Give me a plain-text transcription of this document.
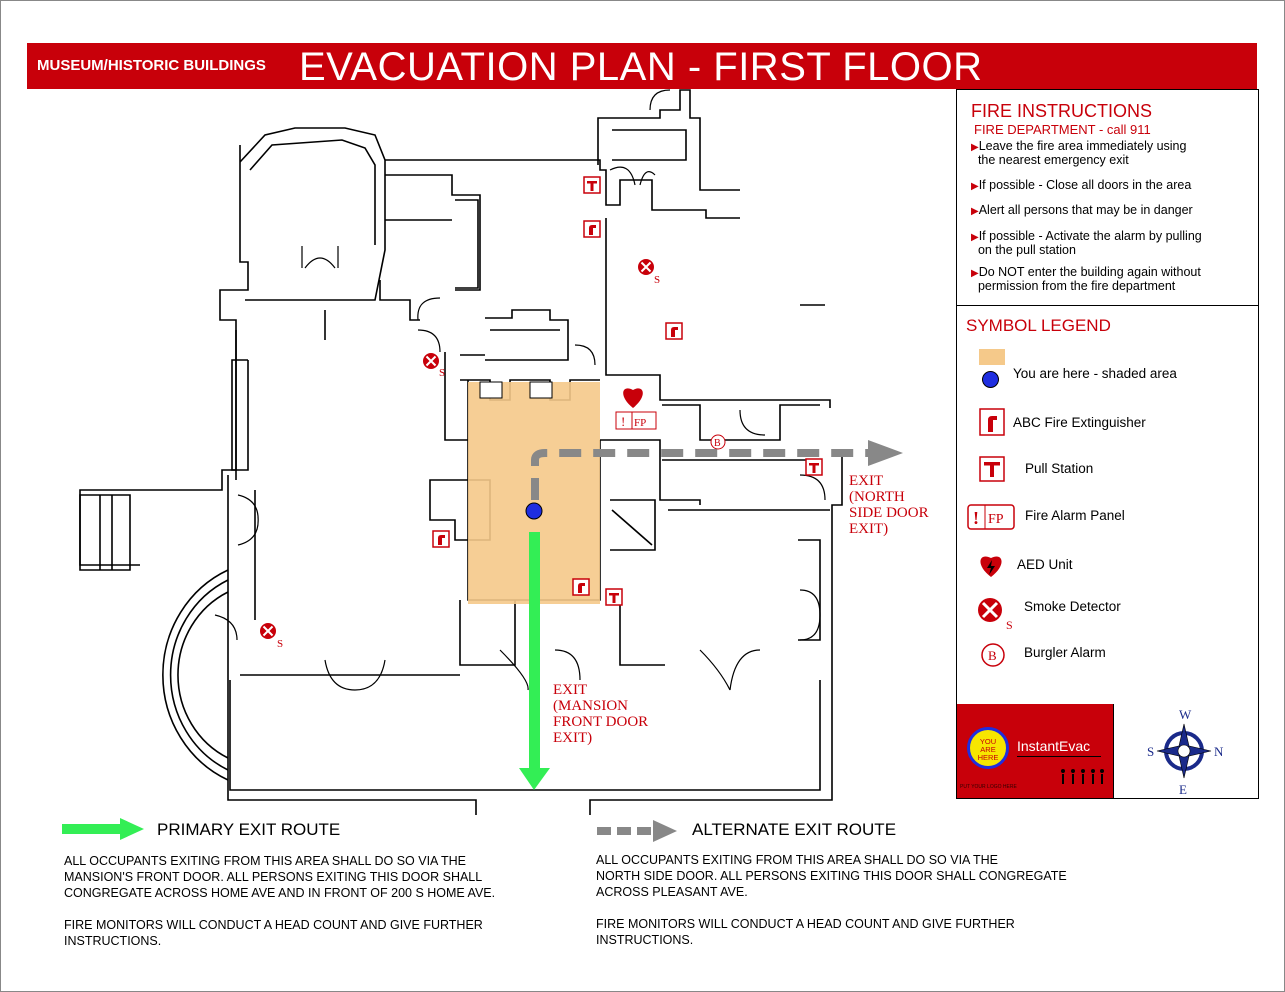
MUSEUM/HISTORIC BUILDINGS EVACUATION PLAN - FIRST FLOOR
! FP
B
S
S
S
EXIT
(MANSION
FRONT DOOR
EXIT)
EXIT
(NORTH
SIDE DOOR
EXIT)
FIRE INSTRUCTIONS
FIRE DEPARTMENT - call 911
▶Leave the fire area immediately using
the nearest emergency exit
▶If possible - Close all doors in the area
▶Alert all persons that may be in danger
▶If possible - Activate the alarm by pulling
on the pull station
▶Do NOT enter the building again without
permission from the fire department
SYMBOL LEGEND
You are here - shaded area
ABC Fire Extinguisher
Pull Station
! FP Fire Alarm Panel
AED Unit
S
Smoke Detector
B Burgler Alarm
YOU ARE HERE
InstantEvac
PUT YOUR LOGO HERE
W
E
S	N
PRIMARY EXIT ROUTE
ALL OCCUPANTS EXITING FROM THIS AREA SHALL DO SO VIA THE
MANSION'S FRONT DOOR. ALL PERSONS EXITING THIS DOOR SHALL
CONGREGATE ACROSS HOME AVE AND IN FRONT OF 200 S HOME AVE.

FIRE MONITORS WILL CONDUCT A HEAD COUNT AND GIVE FURTHER
INSTRUCTIONS.
ALTERNATE EXIT ROUTE
ALL OCCUPANTS EXITING FROM THIS AREA SHALL DO SO VIA THE
NORTH SIDE DOOR. ALL PERSONS EXITING THIS DOOR SHALL CONGREGATE
ACROSS PLEASANT AVE.

FIRE MONITORS WILL CONDUCT A HEAD COUNT AND GIVE FURTHER
INSTRUCTIONS.
